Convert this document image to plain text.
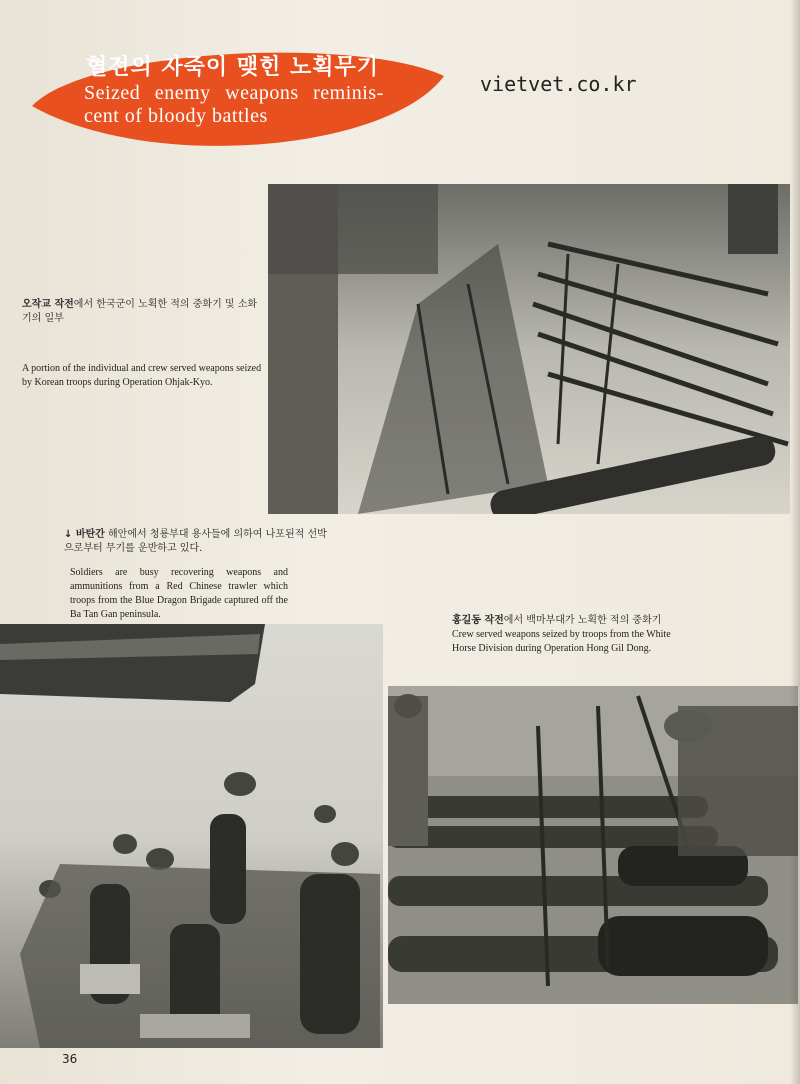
혈전의 자죽이 맺힌 노획무기
Seized enemy weapons reminis-
cent of bloody battles
vietvet.co.kr

오작교 작전에서 한국군이 노획한 적의 중화기 및 소화기의 일부

A portion of the individual and crew served weapons seized by Korean troops during Operation Ohjak-Kyo.

↓ 바탄간 해안에서 청룡부대 용사들에 의하여 나포된적 선박으로부터 무기를 운반하고 있다.

Soldiers are busy recovering weapons and ammunitions from a Red Chinese trawler which troops from the Blue Dragon Brigade captured off the Ba Tan Gan peninsula.

홍길동 작전에서 백마부대가 노획한 적의 중화기

Crew served weapons seized by troops from the White Horse Division during Operation Hong Gil Dong.

36
